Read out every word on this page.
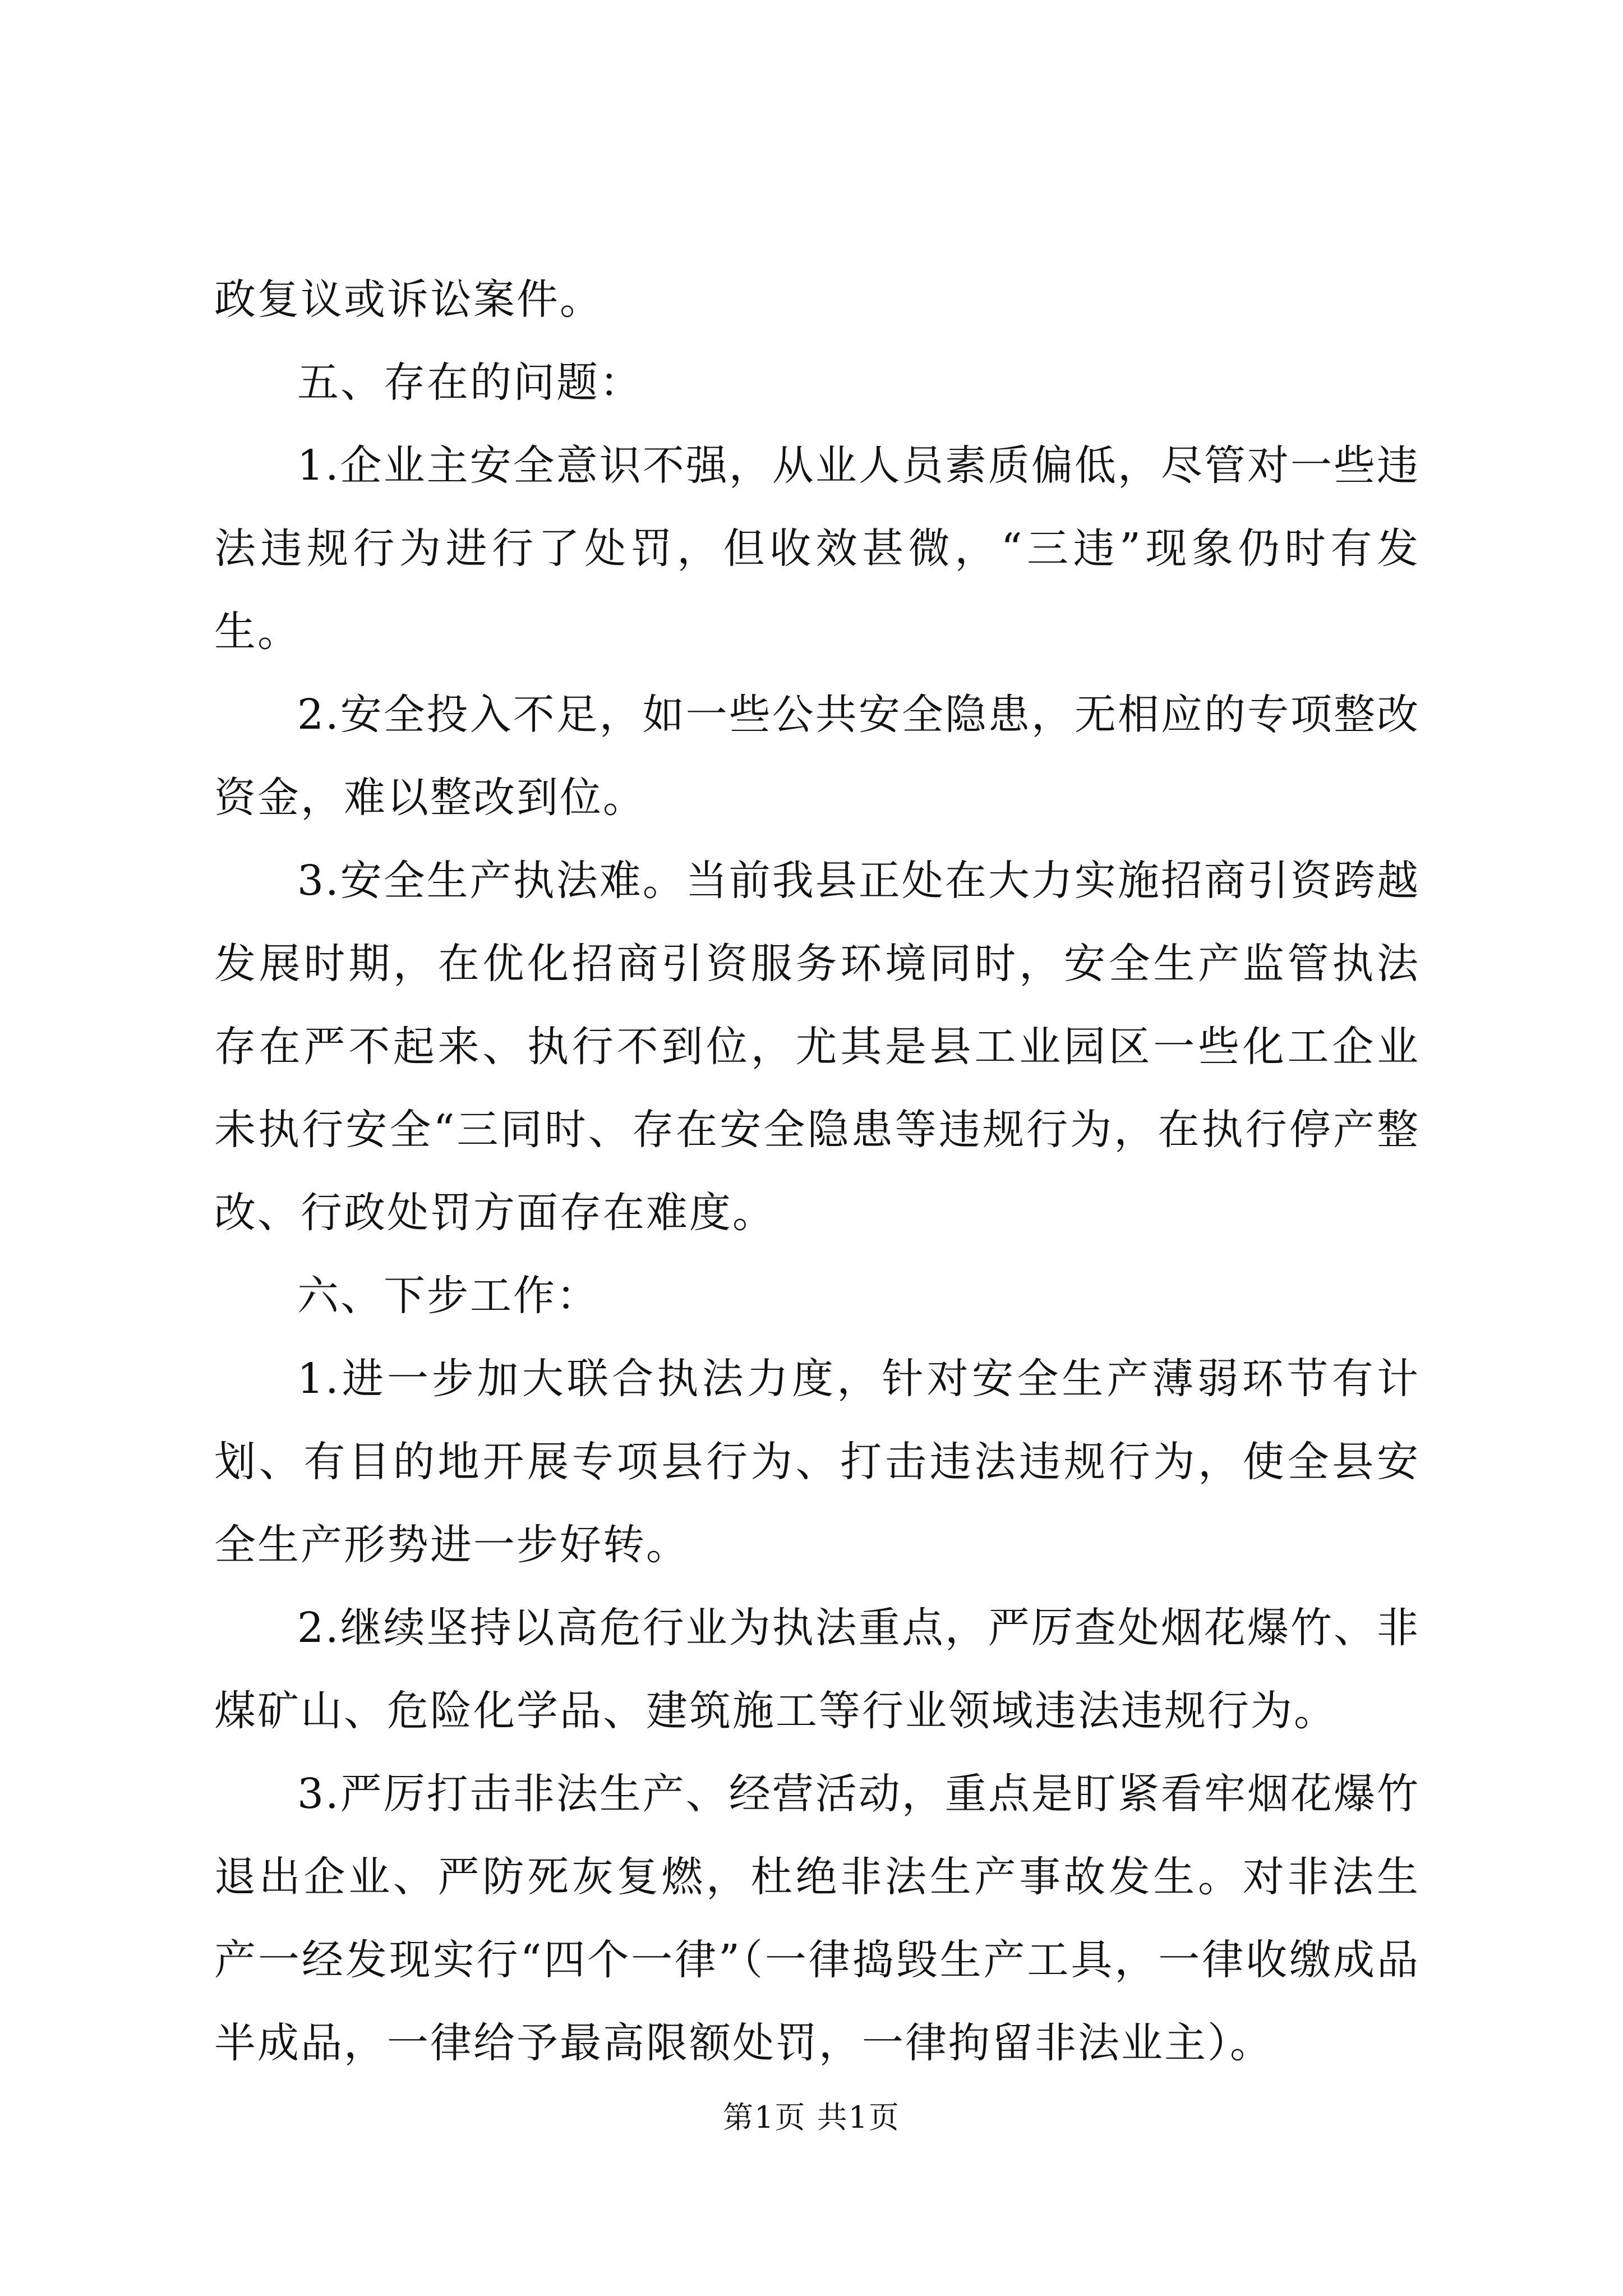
政复议或诉讼案件。

五、存在的问题：

1.企业主安全意识不强，从业人员素质偏低，尽管对一些违法违规行为进行了处罚，但收效甚微，“三违”现象仍时有发生。

2.安全投入不足，如一些公共安全隐患，无相应的专项整改资金，难以整改到位。

3.安全生产执法难。当前我县正处在大力实施招商引资跨越发展时期，在优化招商引资服务环境同时，安全生产监管执法存在严不起来、执行不到位，尤其是县工业园区一些化工企业未执行安全“三同时、存在安全隐患等违规行为，在执行停产整改、行政处罚方面存在难度。

六、下步工作：

1.进一步加大联合执法力度，针对安全生产薄弱环节有计划、有目的地开展专项县行为、打击违法违规行为，使全县安全生产形势进一步好转。

2.继续坚持以高危行业为执法重点，严厉查处烟花爆竹、非煤矿山、危险化学品、建筑施工等行业领域违法违规行为。

3.严厉打击非法生产、经营活动，重点是盯紧看牢烟花爆竹退出企业、严防死灰复燃，杜绝非法生产事故发生。对非法生产一经发现实行“四个一律”（一律捣毁生产工具，一律收缴成品半成品，一律给予最高限额处罚，一律拘留非法业主）。

第1页 共1页
